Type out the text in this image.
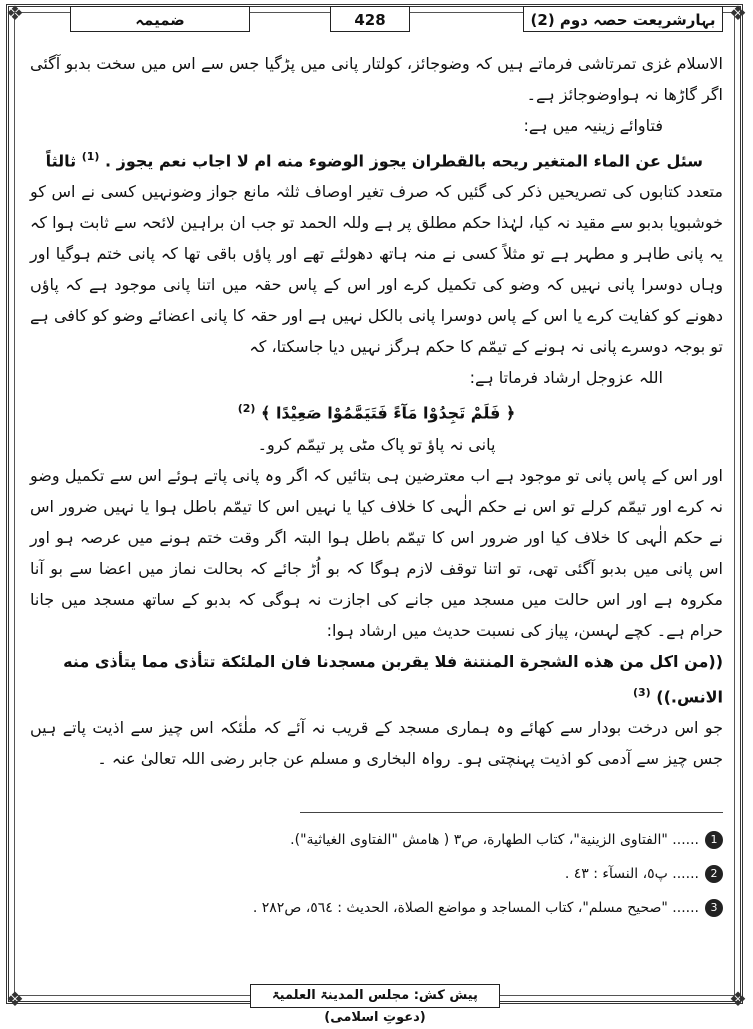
❖	❖
❖	❖
بہارشریعت حصہ دوم (2)
428
ضمیمہ

الاسلام غزی تمرتاشی فرماتے ہیں کہ وضوجائز، کولتار پانی میں پڑگیا جس سے اس میں سخت بدبو آگئی اگر گاڑھا نہ ہواوضوجائز ہے۔

فتاوائے زینیہ میں ہے:

سئل عن الماء المتغير ريحه بالقطران يجوز الوضوء منه ام لا اجاب نعم يجوز . $^{(1)}$ ثالثاً

متعدد کتابوں کی تصریحیں ذکر کی گئیں کہ صرف تغیر اوصاف ثلثہ مانع جواز وضونہیں کسی نے اس کو خوشبویا بدبو سے مقید نہ کیا، لہٰذا حکم مطلق پر ہے وللہ الحمد تو جب ان براہین لائحہ سے ثابت ہوا کہ یہ پانی طاہر و مطہر ہے تو مثلاً کسی نے منہ ہاتھ دھولئے تھے اور پاؤں باقی تھا کہ پانی ختم ہوگیا اور وہاں دوسرا پانی نہیں کہ وضو کی تکمیل کرے اور اس کے پاس حقہ میں اتنا پانی موجود ہے کہ پاؤں دھونے کو کفایت کرے یا اس کے پاس دوسرا پانی بالکل نہیں ہے اور حقہ کا پانی اعضائے وضو کو کافی ہے تو بوجہ دوسرے پانی نہ ہونے کے تیمّم کا حکم ہرگز نہیں دیا جاسکتا، کہ

اللہ عزوجل ارشاد فرماتا ہے:

﴿ فَلَمْ تَجِدُوْا مَآءً فَتَيَمَّمُوْا صَعِيْدًا ﴾ $^{(2)}$

پانی نہ پاؤ تو پاک مٹی پر تیمّم کرو۔

اور اس کے پاس پانی تو موجود ہے اب معترضین ہی بتائیں کہ اگر وہ پانی پاتے ہوئے اس سے تکمیل وضو نہ کرے اور تیمّم کرلے تو اس نے حکم الٰہی کا خلاف کیا یا نہیں اس کا تیمّم باطل ہوا یا نہیں ضرور اس نے حکم الٰہی کا خلاف کیا اور ضرور اس کا تیمّم باطل ہوا البتہ اگر وقت ختم ہونے میں عرصہ ہو اور اس پانی میں بدبو آگئی تھی، تو اتنا توقف لازم ہوگا کہ بو اُڑ جائے کہ بحالت نماز میں اعضا سے بو آنا مکروہ ہے اور اس حالت میں مسجد میں جانے کی اجازت نہ ہوگی کہ بدبو کے ساتھ مسجد میں جانا حرام ہے۔ کچے لہسن، پیاز کی نسبت حدیث میں ارشاد ہوا:

((من اكل من هذه الشجرة المنتنة فلا يقربن مسجدنا فان الملئكة تتأذى مما يتأذى منه الانس.)) $^{(3)}$

جو اس درخت بودار سے کھائے وہ ہماری مسجد کے قریب نہ آئے کہ ملٰئکہ اس چیز سے اذیت پاتے ہیں جس چیز سے آدمی کو اذیت پہنچتی ہو۔ رواہ البخاری و مسلم عن جابر رضی اللہ تعالیٰ عنہ ۔

1
...... "الفتاوى الزينية"، كتاب الطهارة، ص٣ ( هامش "الفتاوى الغياثية").
2
...... پ٥، النسآء : ٤٣ .
3
...... "صحيح مسلم"، كتاب المساجد و مواضع الصلاة، الحديث : ٥٦٤، ص٢٨٢ .
پیش کش: مجلس المدینۃ العلمیۃ (دعوتِ اسلامی)
